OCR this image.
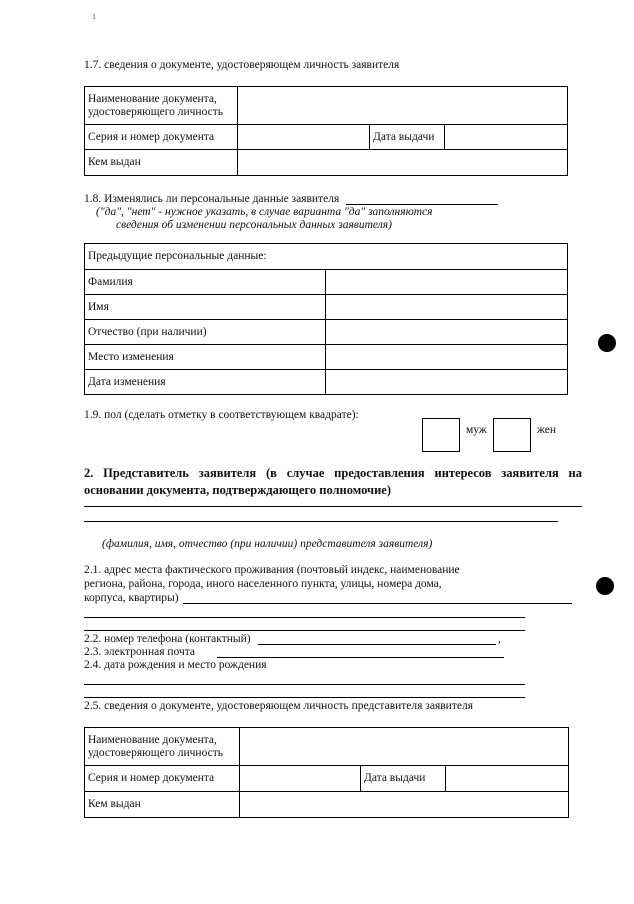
1
1.7. сведения о документе, удостоверяющем личность заявителя
Наименование документа, удостоверяющего личность			
Серия и номер документа		Дата выдачи	
Кем выдан			
1.8. Изменялись ли персональные данные заявителя
("да", "нет" - нужное указать, в случае варианта "да" заполняются
сведения об изменении персональных данных заявителя)
Предыдущие персональные данные:	
Фамилия	
Имя	
Отчество (при наличии)	
Место изменения	
Дата изменения	
1.9. пол (сделать отметку в соответствующем квадрате):
муж	жен
2. Представитель заявителя (в случае предоставления интересов заявителя на
основании документа, подтверждающего полномочие)
(фамилия, имя, отчество (при наличии) представителя заявителя)
2.1. адрес места фактического проживания (почтовый индекс, наименование
региона, района, города, иного населенного пункта, улицы, номера дома,
корпуса, квартиры)
2.2. номер телефона (контактный)	,
2.3. электронная почта
2.4. дата рождения и место рождения
2.5. сведения о документе, удостоверяющем личность представителя заявителя
Наименование документа, удостоверяющего личность			
Серия и номер документа		Дата выдачи	
Кем выдан			
